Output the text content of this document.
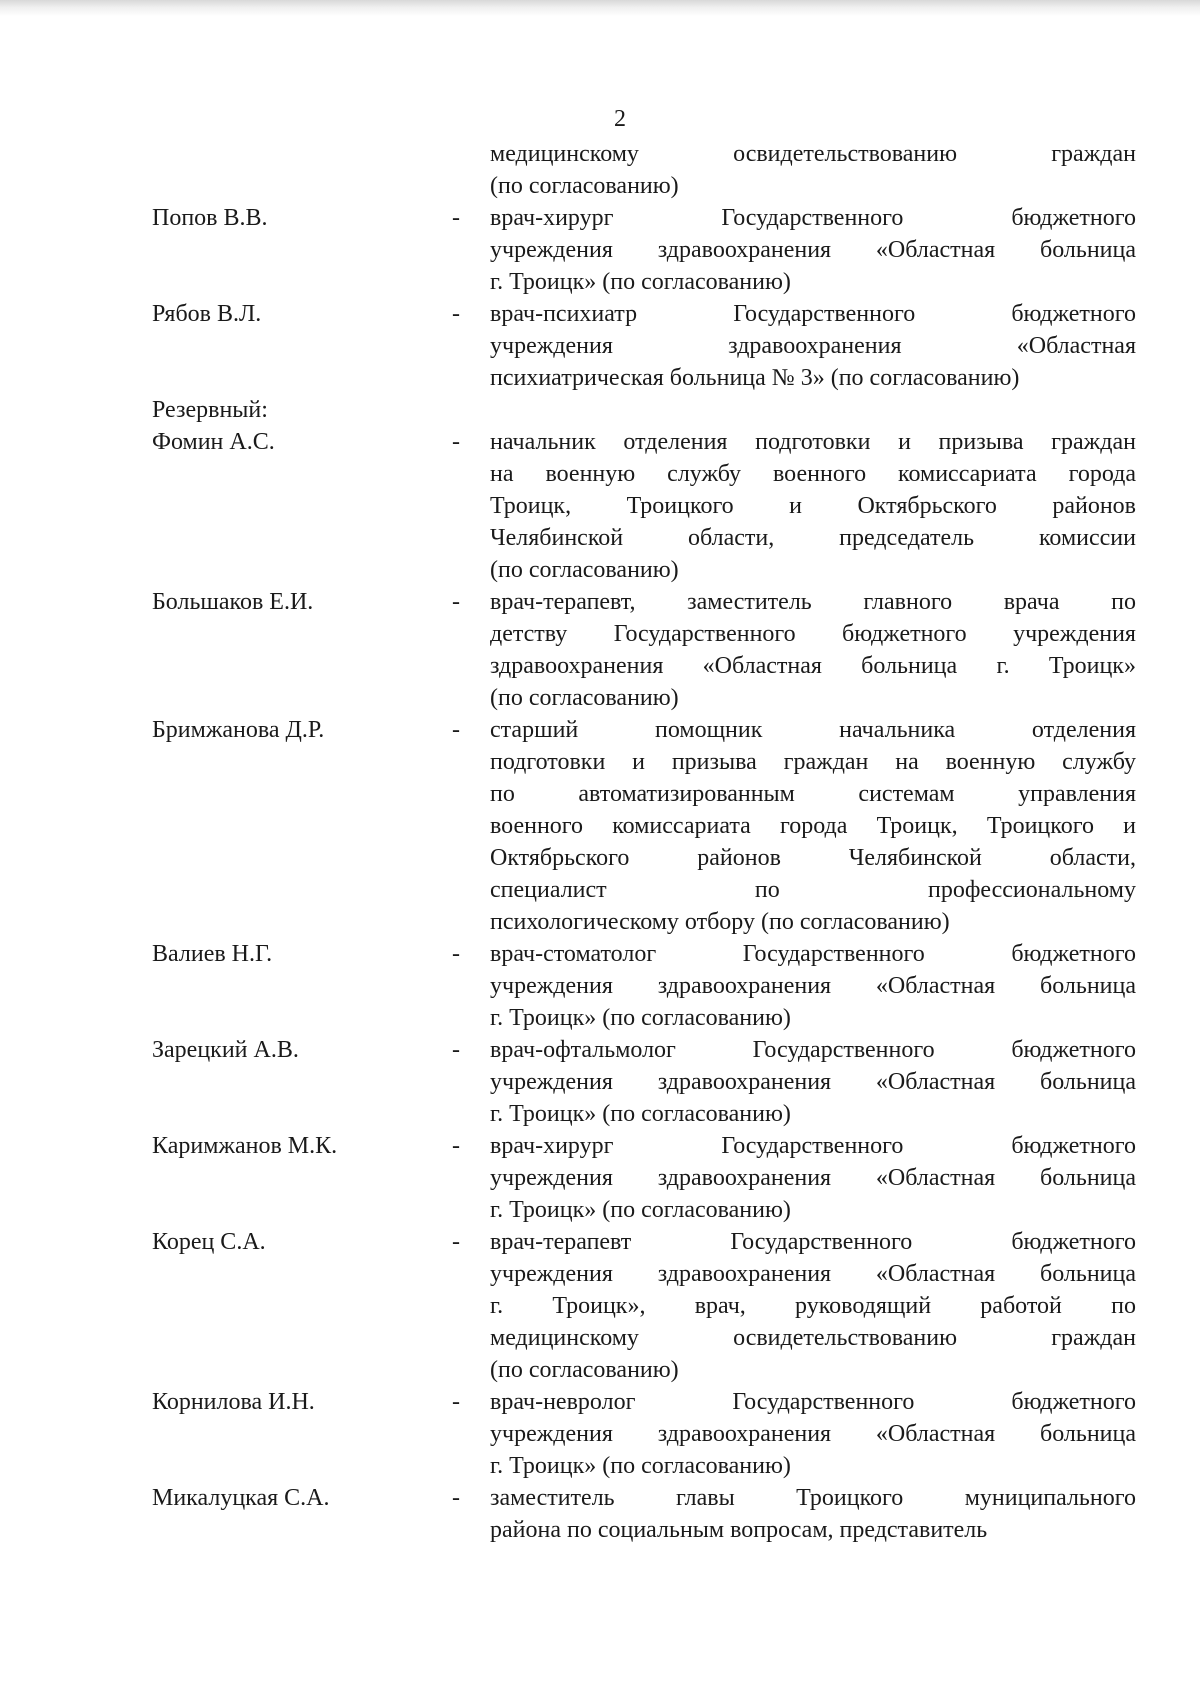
2
медицинскому	освидетельствованию	граждан
(по согласованию)
Попов В.В.	-	врач-хирург	Государственного	бюджетного
учреждения здравоохранения «Областная больница
г. Троицк» (по согласованию)
Рябов В.Л.	-	врач-психиатр	Государственного	бюджетного
учреждения	здравоохранения	«Областная
психиатрическая больница № 3» (по согласованию)
Резервный:
Фомин А.С.	-	начальник отделения подготовки и призыва граждан
на военную службу военного комиссариата города
Троицк, Троицкого и Октябрьского районов
Челябинской	области,	председатель	комиссии
(по согласованию)
Большаков Е.И.	-	врач-терапевт, заместитель главного врача по
детству Государственного бюджетного учреждения
здравоохранения «Областная больница г. Троицк»
(по согласованию)
Бримжанова Д.Р.	-	старший	помощник	начальника	отделения
подготовки и призыва граждан на военную службу
по	автоматизированным	системам	управления
военного комиссариата города Троицк, Троицкого и
Октябрьского	районов	Челябинской	области,
специалист	по	профессиональному
психологическому отбору (по согласованию)
Валиев Н.Г.	-	врач-стоматолог	Государственного	бюджетного
учреждения здравоохранения «Областная больница
г. Троицк» (по согласованию)
Зарецкий А.В.	-	врач-офтальмолог	Государственного	бюджетного
учреждения здравоохранения «Областная больница
г. Троицк» (по согласованию)
Каримжанов М.К.	-	врач-хирург	Государственного	бюджетного
учреждения здравоохранения «Областная больница
г. Троицк» (по согласованию)
Корец С.А.	-	врач-терапевт	Государственного	бюджетного
учреждения здравоохранения «Областная больница
г. Троицк», врач, руководящий работой по
медицинскому	освидетельствованию	граждан
(по согласованию)
Корнилова И.Н.	-	врач-невролог	Государственного	бюджетного
учреждения здравоохранения «Областная больница
г. Троицк» (по согласованию)
Микалуцкая С.А.	-	заместитель	главы	Троицкого	муниципального
района по социальным вопросам, представитель
